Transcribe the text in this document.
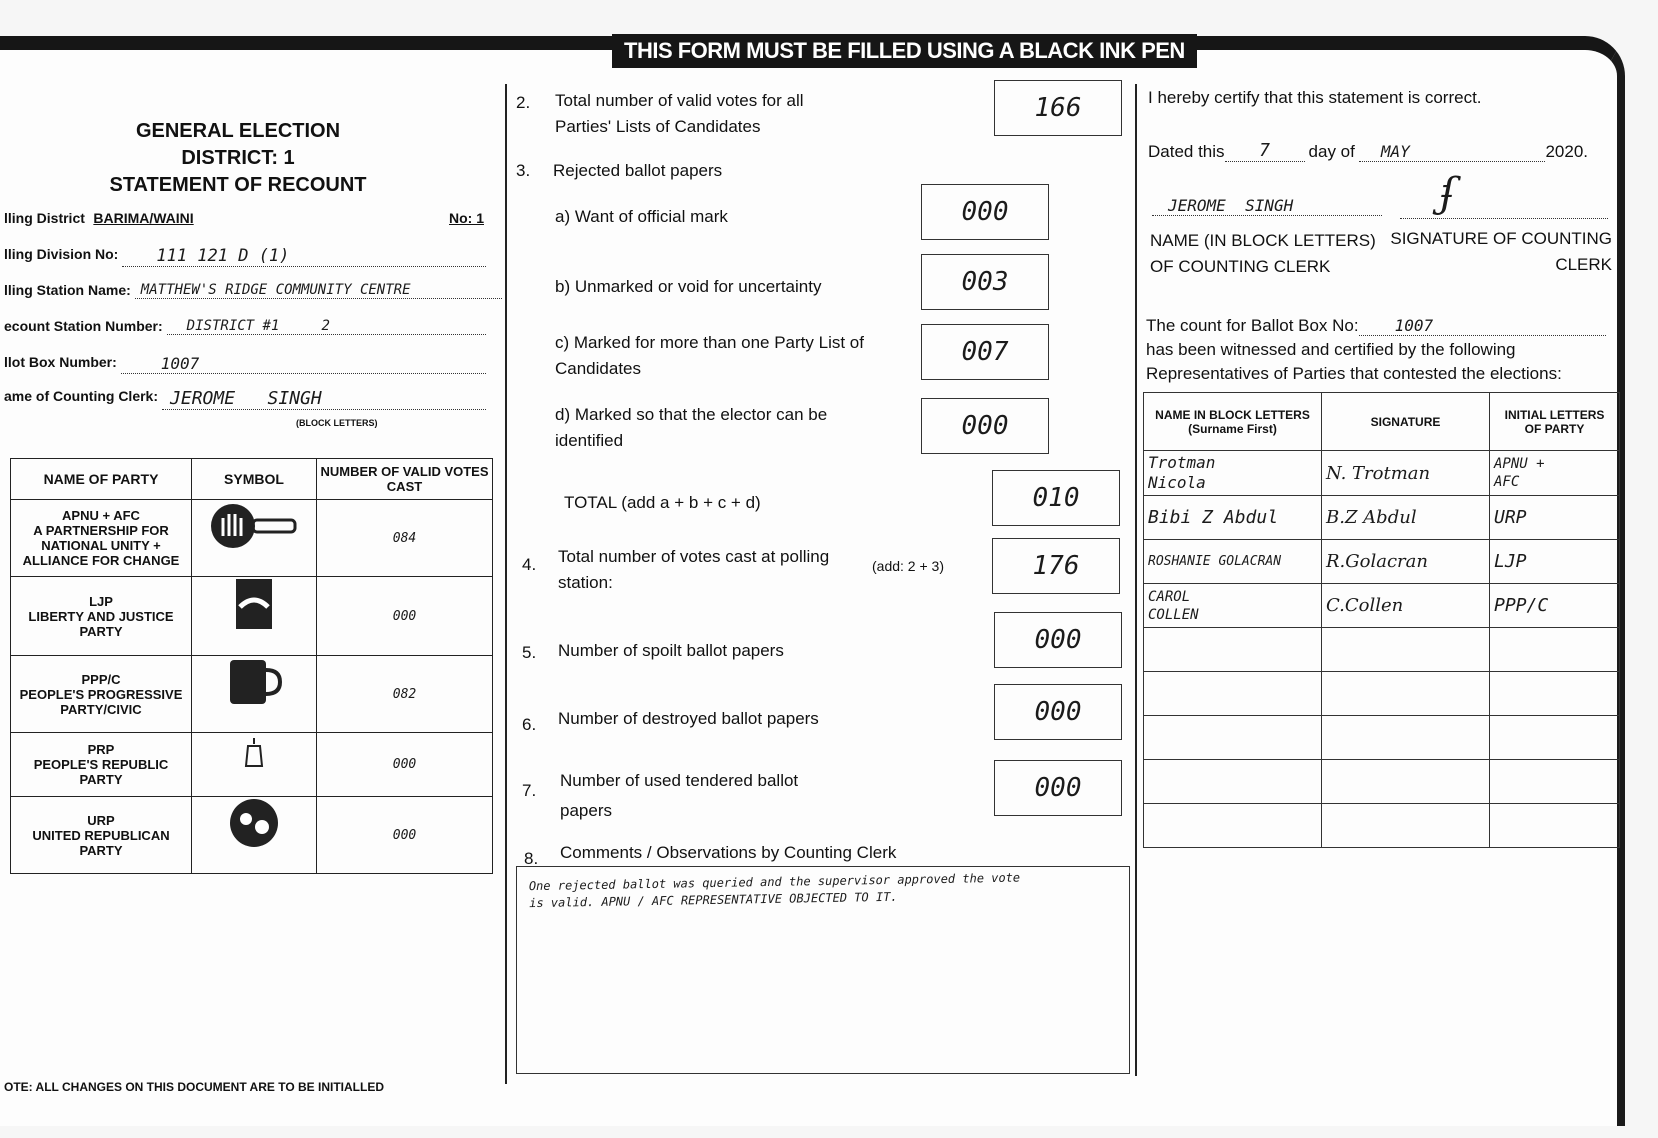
THIS FORM MUST BE FILLED USING A BLACK INK PEN
GENERAL ELECTION
DISTRICT: 1
STATEMENT OF RECOUNT
lling District BARIMA/WAINI	No: 1
lling Division No:	111 121 D (1)
lling Station Name: MATTHEW'S RIDGE COMMUNITY CENTRE
ecount Station Number:	DISTRICT #1     2
llot Box Number:	1007
ame of Counting Clerk: JEROME   SINGH
(BLOCK LETTERS)
NAME OF PARTY	SYMBOL	NUMBER OF VALID VOTES CAST
APNU + AFC
A PARTNERSHIP FOR
NATIONAL UNITY +
ALLIANCE FOR CHANGE		084
LJP
LIBERTY AND JUSTICE
PARTY		000
PPP/C
PEOPLE'S PROGRESSIVE
PARTY/CIVIC		082
PRP
PEOPLE'S REPUBLIC
PARTY		000
URP
UNITED REPUBLICAN
PARTY		000
OTE: ALL CHANGES ON THIS DOCUMENT ARE TO BE INITIALLED
2. Total number of valid votes for all
Parties' Lists of Candidates
166
3. Rejected ballot papers
a) Want of official mark	000
b) Unmarked or void for uncertainty	003
c) Marked for more than one Party List of
Candidates
007
d) Marked so that the elector can be
identified	000
TOTAL (add a + b + c + d)	010
4. Total number of votes cast at polling
station:
(add: 2 + 3)	176
5. Number of spoilt ballot papers	000
6. Number of destroyed ballot papers	000
7.
Number of used tendered ballot
papers
000
8. Comments / Observations by Counting Clerk
One rejected ballot was queried and the supervisor approved the vote
is valid. APNU / AFC REPRESENTATIVE OBJECTED TO IT.
I hereby certify that this statement is correct.
Dated this	7	day of	MAY	2020.
JEROME  SINGH	ʄ
NAME (IN BLOCK LETTERS)
OF COUNTING CLERK
SIGNATURE OF COUNTING
CLERK
The count for Ballot Box No:	1007
has been witnessed and certified by the following
Representatives of Parties that contested the elections:
NAME IN BLOCK LETTERS
(Surname First)	SIGNATURE	INITIAL LETTERS
OF PARTY
Trotman
Nicola	N. Trotman	APNU +
AFC
Bibi Z Abdul	B.Z Abdul	URP
ROSHANIE GOLACRAN	R.Golacran	LJP
CAROL
COLLEN	C.Collen	PPP/C
